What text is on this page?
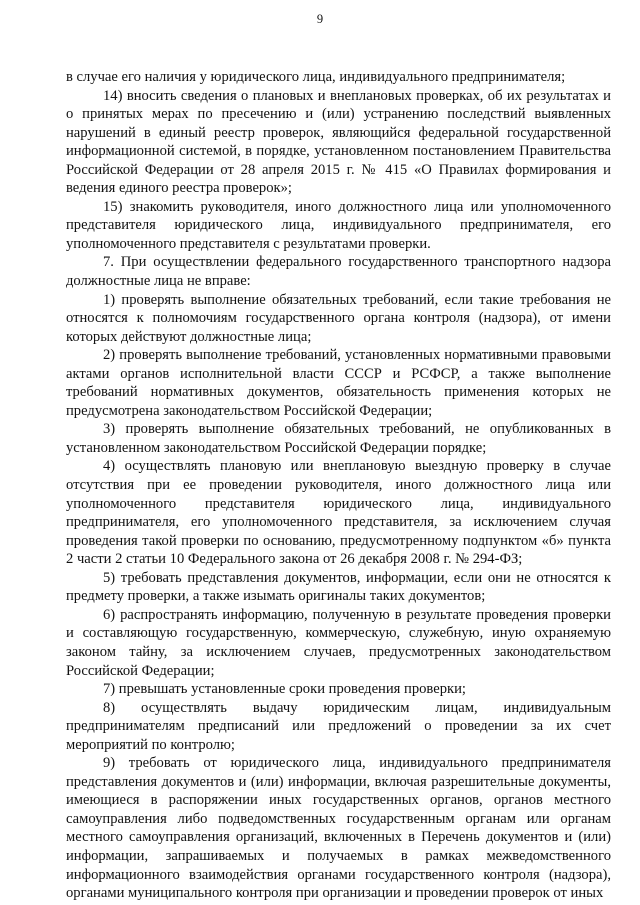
9

в случае его наличия у юридического лица, индивидуального предпринимателя;

14) вносить сведения о плановых и внеплановых проверках, об их результатах и о принятых мерах по пресечению и (или) устранению последствий выявленных нарушений в единый реестр проверок, являющийся федеральной государственной информационной системой, в порядке, установленном постановлением Правительства Российской Федерации от 28 апреля 2015 г. № 415 «О Правилах формирования и ведения единого реестра проверок»;

15) знакомить руководителя, иного должностного лица или уполномоченного представителя юридического лица, индивидуального предпринимателя, его уполномоченного представителя с результатами проверки.

7. При осуществлении федерального государственного транспортного надзора должностные лица не вправе:

1) проверять выполнение обязательных требований, если такие требования не относятся к полномочиям государственного органа контроля (надзора), от имени которых действуют должностные лица;

2) проверять выполнение требований, установленных нормативными правовыми актами органов исполнительной власти СССР и РСФСР, а также выполнение требований нормативных документов, обязательность применения которых не предусмотрена законодательством Российской Федерации;

3) проверять выполнение обязательных требований, не опубликованных в установленном законодательством Российской Федерации порядке;

4) осуществлять плановую или внеплановую выездную проверку в случае отсутствия при ее проведении руководителя, иного должностного лица или уполномоченного представителя юридического лица, индивидуального предпринимателя, его уполномоченного представителя, за исключением случая проведения такой проверки по основанию, предусмотренному подпунктом «б» пункта 2 части 2 статьи 10 Федерального закона от 26 декабря 2008 г. № 294-ФЗ;

5) требовать представления документов, информации, если они не относятся к предмету проверки, а также изымать оригиналы таких документов;

6) распространять информацию, полученную в результате проведения проверки и составляющую государственную, коммерческую, служебную, иную охраняемую законом тайну, за исключением случаев, предусмотренных законодательством Российской Федерации;

7) превышать установленные сроки проведения проверки;

8) осуществлять выдачу юридическим лицам, индивидуальным предпринимателям предписаний или предложений о проведении за их счет мероприятий по контролю;

9) требовать от юридического лица, индивидуального предпринимателя представления документов и (или) информации, включая разрешительные документы, имеющиеся в распоряжении иных государственных органов, органов местного самоуправления либо подведомственных государственным органам или органам местного самоуправления организаций, включенных в Перечень документов и (или) информации, запрашиваемых и получаемых в рамках межведомственного информационного взаимодействия органами государственного контроля (надзора), органами муниципального контроля при организации и проведении проверок от иных
